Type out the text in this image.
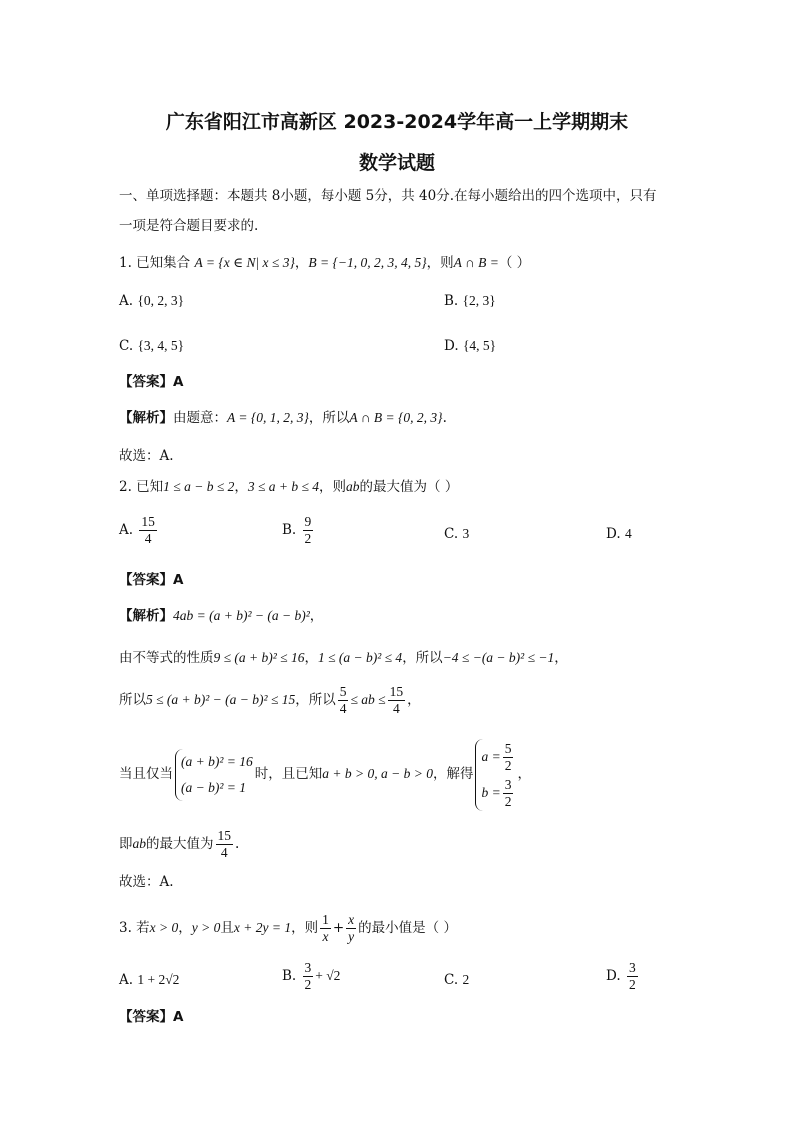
广东省阳江市高新区 2023-2024学年高一上学期期末
数学试题
一、单项选择题：本题共 8小题，每小题 5分，共 40分.在每小题给出的四个选项中，只有
一项是符合题目要求的.
1. 已知集合 A = {x ∈ N| x ≤ 3}，B = {−1, 0, 2, 3, 4, 5}，则A ∩ B =（ ）
A. {0, 2, 3}	B. {2, 3}
C. {3, 4, 5}	D. {4, 5}
【答案】A
【解析】由题意：A = {0, 1, 2, 3}，所以A ∩ B = {0, 2, 3}.
故选：A.
2. 已知1 ≤ a − b ≤ 2，3 ≤ a + b ≤ 4，则ab的最大值为（ ）
A. $\frac{15}{4}$	B. $\frac{9}{2}$	C. 3	D. 4
【答案】A
【解析】4ab = (a + b)² − (a − b)²，
由不等式的性质9 ≤ (a + b)² ≤ 16，1 ≤ (a − b)² ≤ 4，所以−4 ≤ −(a − b)² ≤ −1，
所以5 ≤ (a + b)² − (a − b)² ≤ 15，所以 $\frac{5}{4}$ ≤ ab ≤ $\frac{15}{4}$ ，
当且仅当
(a + b)² = 16
(a − b)² = 1
时，且已知a + b > 0, a − b > 0，解得
$a = \frac{5}{2}$
$b = \frac{3}{2}$
，
即ab的最大值为 $\frac{15}{4}$ .
故选：A.
3. 若x > 0，y > 0且x + 2y = 1，则 $\frac{1}{x} + \frac{x}{y}$ 的最小值是（ ）
A. 1 + 2√2	B. $\frac{3}{2} + √2$	C. 2	D. $\frac{3}{2}$
【答案】A
